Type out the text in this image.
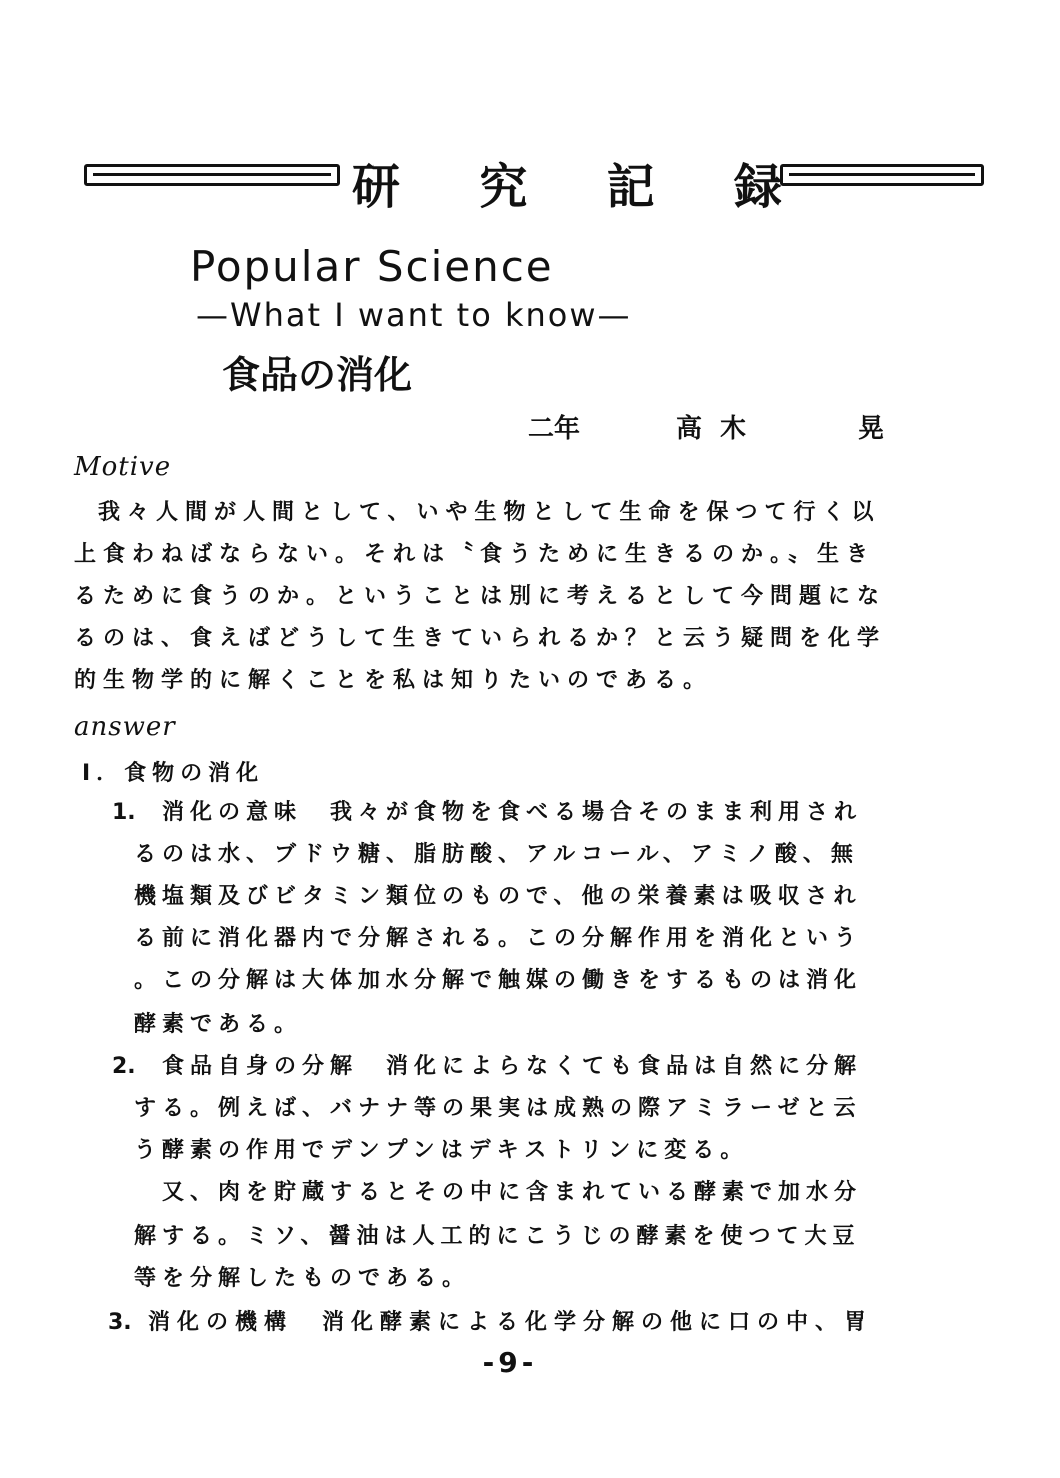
研 究 記 録
Popular Science
—What I want to know—
食品の消化
二年	高木	晃
Motive
我々人間が人間として、いや生物として生命を保つて行く以
上食わねばならない。それは〝食うために生きるのか。〟生き
るために食うのか。ということは別に考えるとして今問題にな
るのは、食えばどうして生きていられるか？と云う疑問を化学
的生物学的に解くことを私は知りたいのである。
answer
Ⅰ．食物の消化
1. 消化の意味　我々が食物を食べる場合そのまま利用され
るのは水、ブドウ糖、脂肪酸、アルコール、アミノ酸、無
機塩類及びビタミン類位のもので、他の栄養素は吸収され
る前に消化器内で分解される。この分解作用を消化という
。この分解は大体加水分解で触媒の働きをするものは消化
酵素である。
2. 食品自身の分解　消化によらなくても食品は自然に分解
する。例えば、バナナ等の果実は成熟の際アミラーゼと云
う酵素の作用でデンプンはデキストリンに変る。
　又、肉を貯蔵するとその中に含まれている酵素で加水分
解する。ミソ、醤油は人工的にこうじの酵素を使つて大豆
等を分解したものである。
3. 消化の機構　消化酵素による化学分解の他に口の中、胃
-9-
